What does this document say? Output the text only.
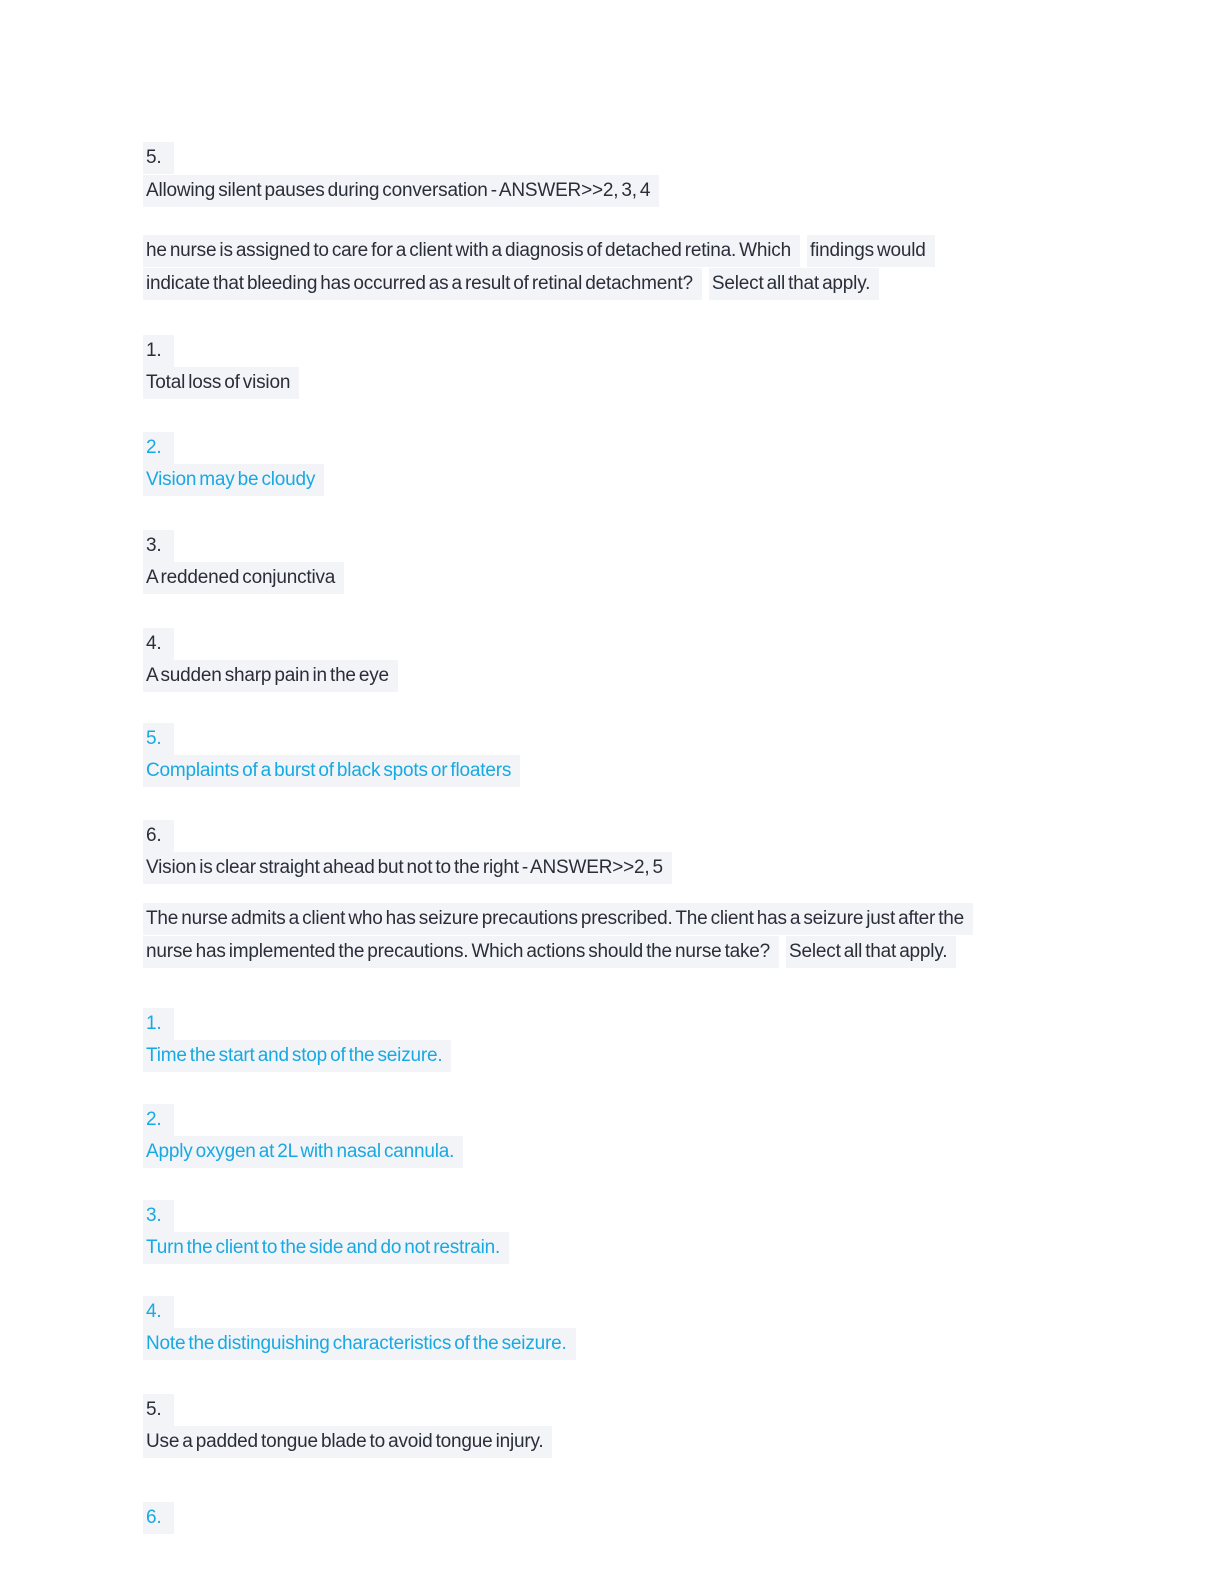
5.
Allowing silent pauses during conversation - ANSWER>>2, 3, 4
he nurse is assigned to care for a client with a diagnosis of detached retina. Which	findings would
indicate that bleeding has occurred as a result of retinal detachment?	Select all that apply.
1.
Total loss of vision
2.
Vision may be cloudy
3.
A reddened conjunctiva
4.
A sudden sharp pain in the eye
5.
Complaints of a burst of black spots or floaters
6.
Vision is clear straight ahead but not to the right - ANSWER>>2, 5
The nurse admits a client who has seizure precautions prescribed. The client has a seizure just after the
nurse has implemented the precautions. Which actions should the nurse take?	Select all that apply.
1.
Time the start and stop of the seizure.
2.
Apply oxygen at 2L with nasal cannula.
3.
Turn the client to the side and do not restrain.
4.
Note the distinguishing characteristics of the seizure.
5.
Use a padded tongue blade to avoid tongue injury.
6.
